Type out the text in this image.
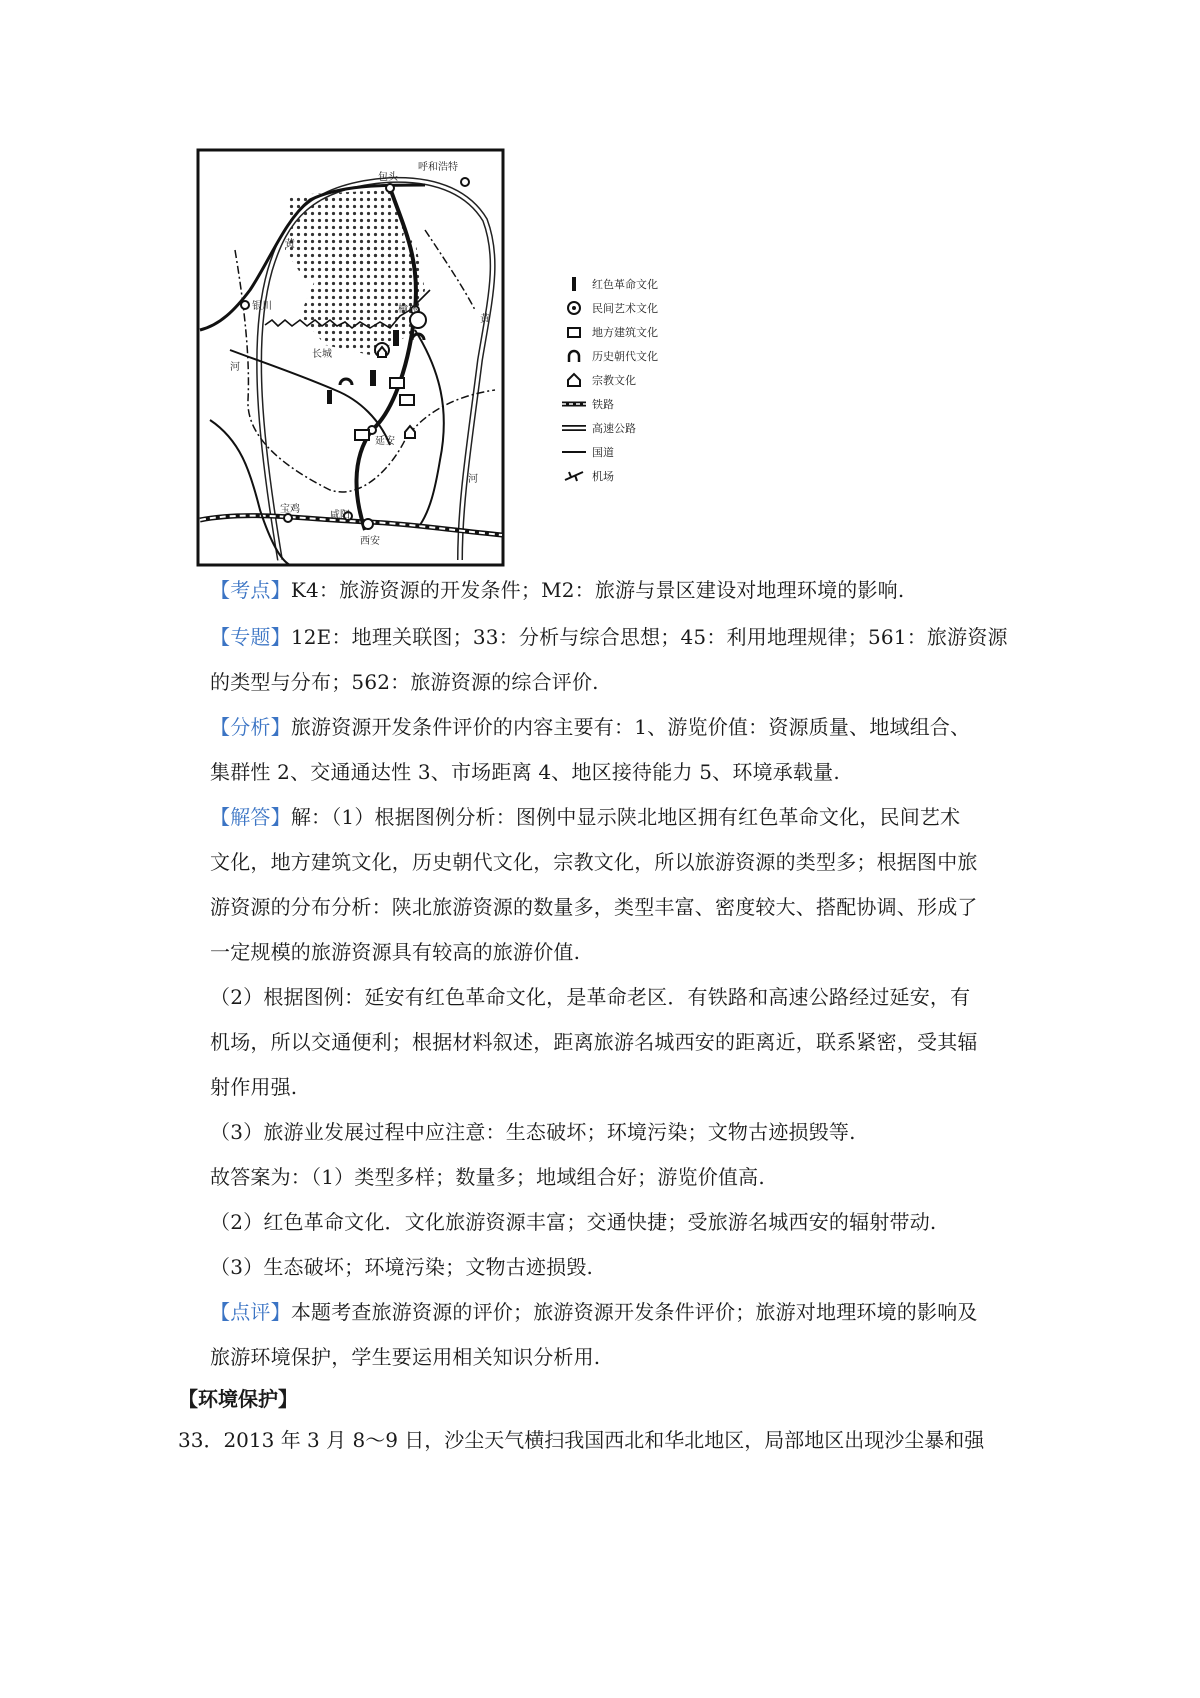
呼和浩特
包头
银川	榆林
延安
宝鸡
咸阳
西安
黄
黄
河
河
长城
红色革命文化
民间艺术文化
地方建筑文化
历史朝代文化
宗教文化
铁路
高速公路
国道
机场
【考点】K4：旅游资源的开发条件；M2：旅游与景区建设对地理环境的影响.
【专题】12E：地理关联图；33：分析与综合思想；45：利用地理规律；561：旅游资源
的类型与分布；562：旅游资源的综合评价.
【分析】旅游资源开发条件评价的内容主要有：1、游览价值：资源质量、地域组合、
集群性 2、交通通达性 3、市场距离 4、地区接待能力 5、环境承载量.
【解答】解：（1）根据图例分析：图例中显示陕北地区拥有红色革命文化，民间艺术
文化，地方建筑文化，历史朝代文化，宗教文化，所以旅游资源的类型多；根据图中旅
游资源的分布分析：陕北旅游资源的数量多，类型丰富、密度较大、搭配协调、形成了
一定规模的旅游资源具有较高的旅游价值.
（2）根据图例：延安有红色革命文化，是革命老区．有铁路和高速公路经过延安，有
机场，所以交通便利；根据材料叙述，距离旅游名城西安的距离近，联系紧密，受其辐
射作用强.
（3）旅游业发展过程中应注意：生态破坏；环境污染；文物古迹损毁等.
故答案为：（1）类型多样；数量多；地域组合好；游览价值高.
（2）红色革命文化．文化旅游资源丰富；交通快捷；受旅游名城西安的辐射带动.
（3）生态破坏；环境污染；文物古迹损毁.
【点评】本题考查旅游资源的评价；旅游资源开发条件评价；旅游对地理环境的影响及
旅游环境保护，学生要运用相关知识分析用.
【环境保护】
33．2013 年 3 月 8～9 日，沙尘天气横扫我国西北和华北地区，局部地区出现沙尘暴和强
